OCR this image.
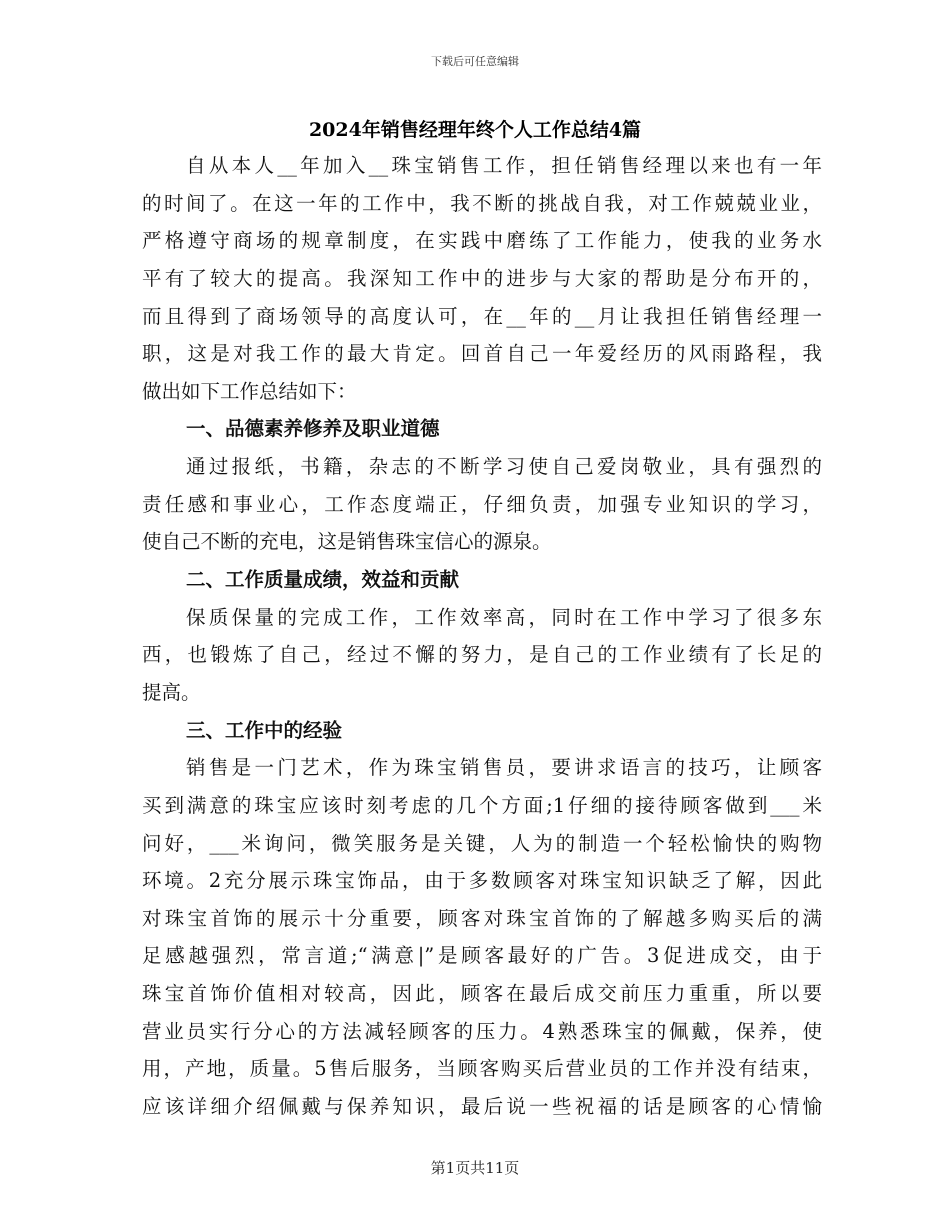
下载后可任意编辑
2024年销售经理年终个人工作总结4篇
自从本人__年加入__珠宝销售工作，担任销售经理以来也有一年
的时间了。在这一年的工作中，我不断的挑战自我，对工作兢兢业业，
严格遵守商场的规章制度，在实践中磨练了工作能力，使我的业务水
平有了较大的提高。我深知工作中的进步与大家的帮助是分布开的，
而且得到了商场领导的高度认可，在__年的__月让我担任销售经理一
职，这是对我工作的最大肯定。回首自己一年爱经历的风雨路程，我
做出如下工作总结如下：
一、品德素养修养及职业道德
通过报纸，书籍，杂志的不断学习使自己爱岗敬业，具有强烈的
责任感和事业心，工作态度端正，仔细负责，加强专业知识的学习，
使自己不断的充电，这是销售珠宝信心的源泉。
二、工作质量成绩，效益和贡献
保质保量的完成工作，工作效率高，同时在工作中学习了很多东
西，也锻炼了自己，经过不懈的努力，是自己的工作业绩有了长足的
提高。
三、工作中的经验
销售是一门艺术，作为珠宝销售员，要讲求语言的技巧，让顾客
买到满意的珠宝应该时刻考虑的几个方面;1仔细的接待顾客做到___米
问好，___米询问，微笑服务是关键，人为的制造一个轻松愉快的购物
环境。2充分展示珠宝饰品，由于多数顾客对珠宝知识缺乏了解，因此
对珠宝首饰的展示十分重要，顾客对珠宝首饰的了解越多购买后的满
足感越强烈，常言道;“满意|”是顾客最好的广告。3促进成交，由于
珠宝首饰价值相对较高，因此，顾客在最后成交前压力重重，所以要
营业员实行分心的方法减轻顾客的压力。4熟悉珠宝的佩戴，保养，使
用，产地，质量。5售后服务，当顾客购买后营业员的工作并没有结束，
应该详细介绍佩戴与保养知识，最后说一些祝福的话是顾客的心情愉
第1页共11页
